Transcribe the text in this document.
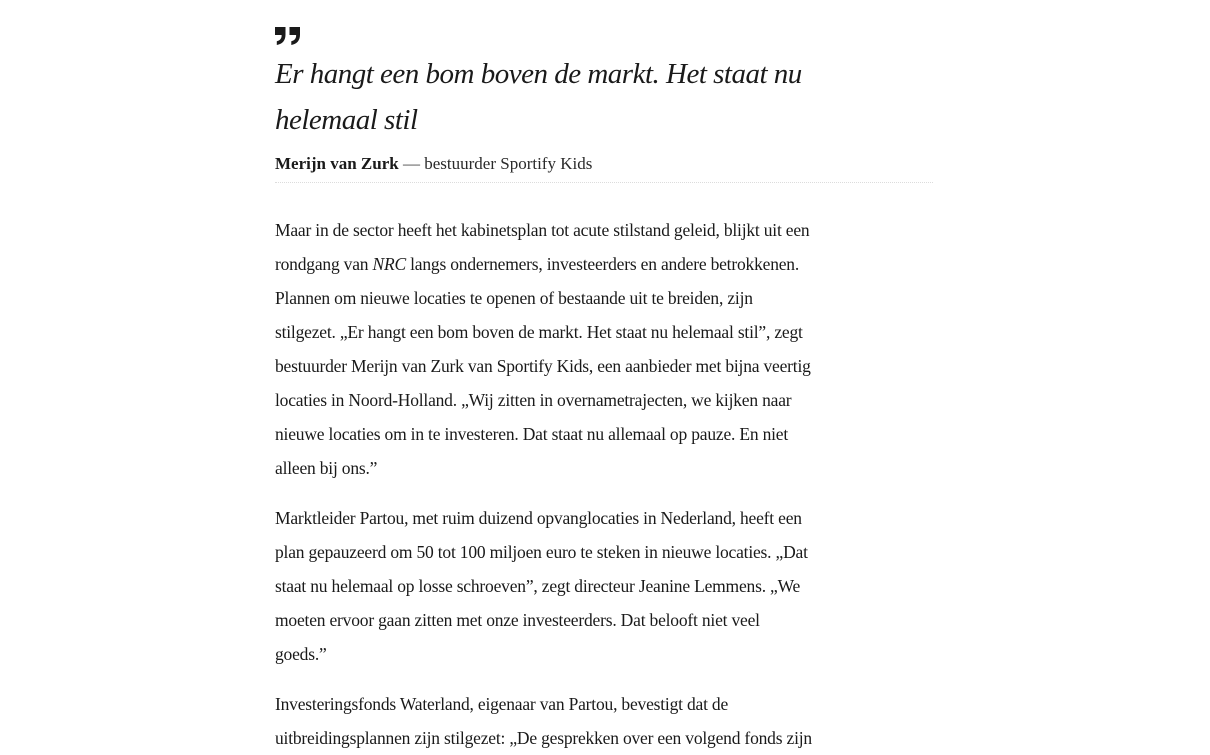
Er hangt een bom boven de markt. Het staat nu
helemaal stil
Merijn van Zurk — bestuurder Sportify Kids
Maar in de sector heeft het kabinetsplan tot acute stilstand geleid, blijkt uit een
rondgang van NRC langs ondernemers, investeerders en andere betrokkenen.
Plannen om nieuwe locaties te openen of bestaande uit te breiden, zijn
stilgezet. „Er hangt een bom boven de markt. Het staat nu helemaal stil”, zegt
bestuurder Merijn van Zurk van Sportify Kids, een aanbieder met bijna veertig
locaties in Noord-Holland. „Wij zitten in overnametrajecten, we kijken naar
nieuwe locaties om in te investeren. Dat staat nu allemaal op pauze. En niet
alleen bij ons.”
Marktleider Partou, met ruim duizend opvanglocaties in Nederland, heeft een
plan gepauzeerd om 50 tot 100 miljoen euro te steken in nieuwe locaties. „Dat
staat nu helemaal op losse schroeven”, zegt directeur Jeanine Lemmens. „We
moeten ervoor gaan zitten met onze investeerders. Dat belooft niet veel
goeds.”
Investeringsfonds Waterland, eigenaar van Partou, bevestigt dat de
uitbreidingsplannen zijn stilgezet: „De gesprekken over een volgend fonds zijn
